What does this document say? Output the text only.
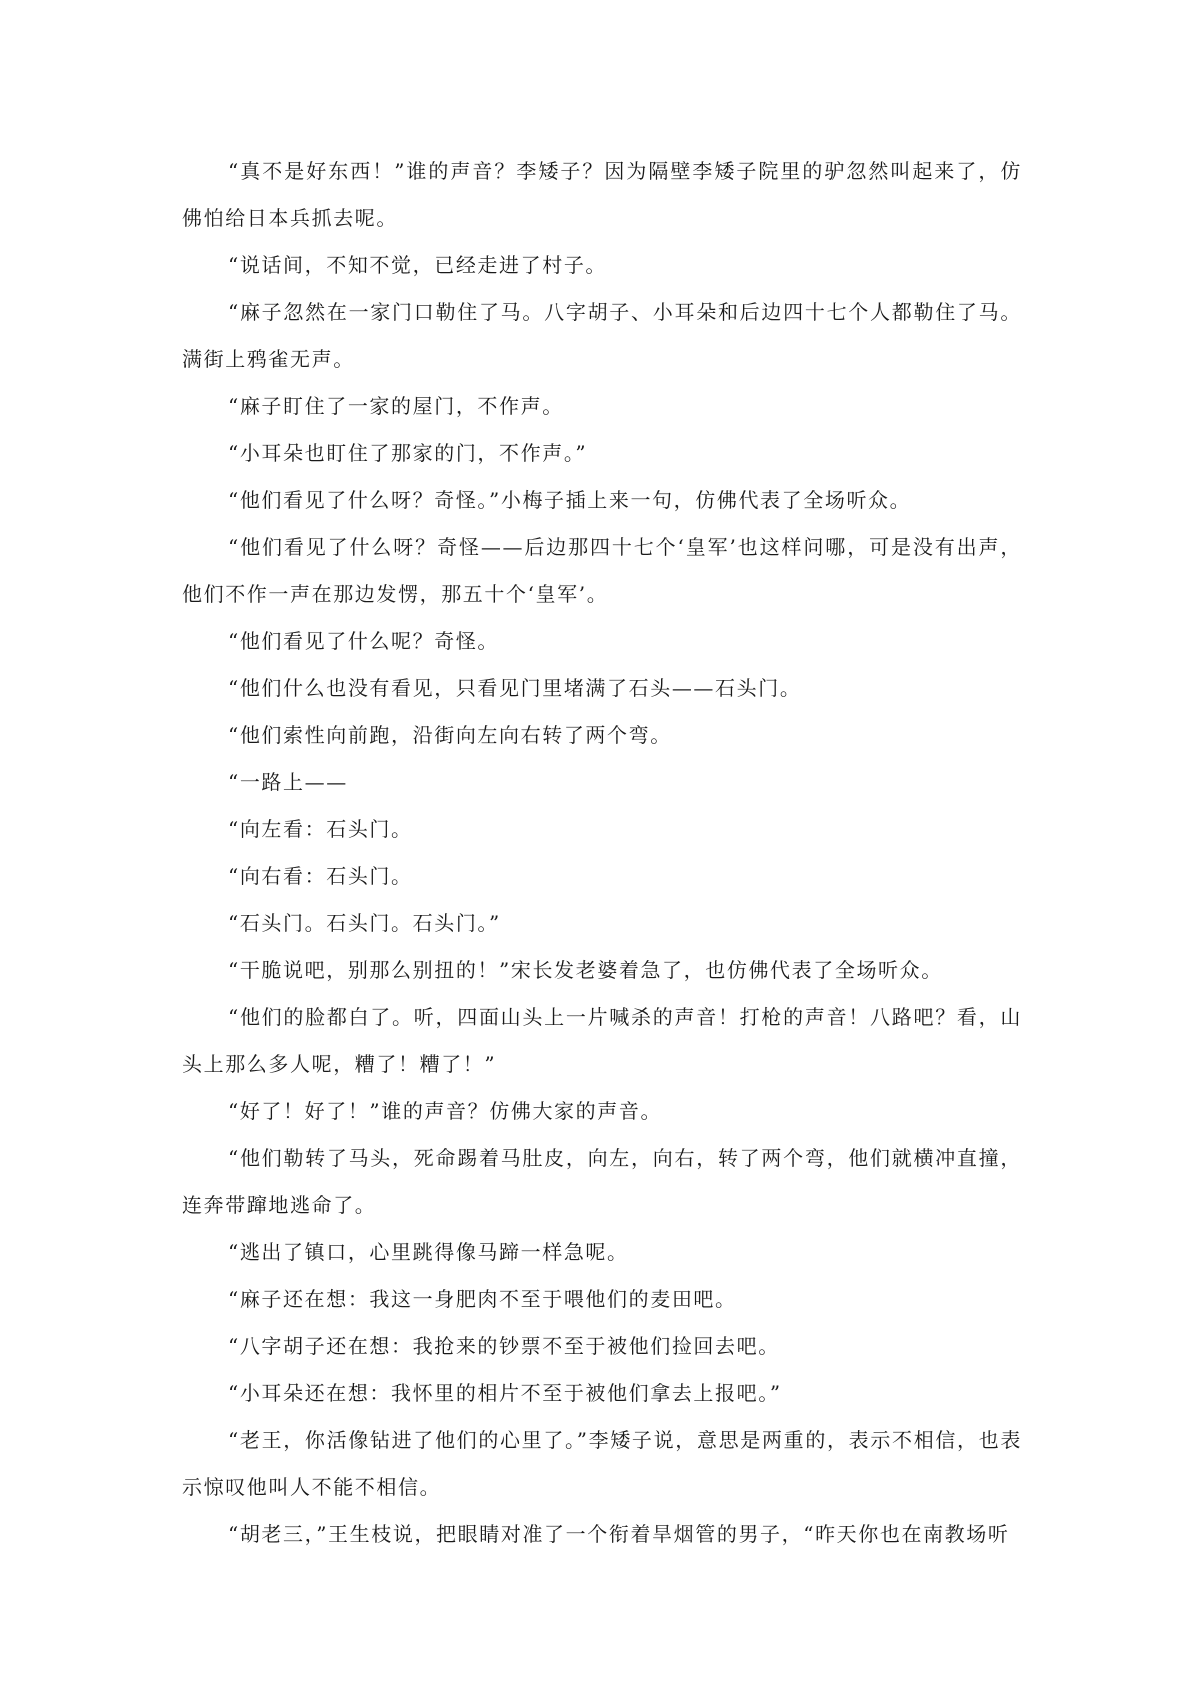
“真不是好东西！”谁的声音？李矮子？因为隔壁李矮子院里的驴忽然叫起来了，仿佛怕给日本兵抓去呢。

“说话间，不知不觉，已经走进了村子。

“麻子忽然在一家门口勒住了马。八字胡子、小耳朵和后边四十七个人都勒住了马。满街上鸦雀无声。

“麻子盯住了一家的屋门，不作声。

“小耳朵也盯住了那家的门，不作声。”

“他们看见了什么呀？奇怪。”小梅子插上来一句，仿佛代表了全场听众。

“他们看见了什么呀？奇怪——后边那四十七个‘皇军’也这样问哪，可是没有出声，他们不作一声在那边发愣，那五十个‘皇军’。

“他们看见了什么呢？奇怪。

“他们什么也没有看见，只看见门里堵满了石头——石头门。

“他们索性向前跑，沿街向左向右转了两个弯。

“一路上——

“向左看：石头门。

“向右看：石头门。

“石头门。石头门。石头门。”

“干脆说吧，别那么别扭的！”宋长发老婆着急了，也仿佛代表了全场听众。

“他们的脸都白了。听，四面山头上一片喊杀的声音！打枪的声音！八路吧？看，山头上那么多人呢，糟了！糟了！”

“好了！好了！”谁的声音？仿佛大家的声音。

“他们勒转了马头，死命踢着马肚皮，向左，向右，转了两个弯，他们就横冲直撞，连奔带蹿地逃命了。

“逃出了镇口，心里跳得像马蹄一样急呢。

“麻子还在想：我这一身肥肉不至于喂他们的麦田吧。

“八字胡子还在想：我抢来的钞票不至于被他们捡回去吧。

“小耳朵还在想：我怀里的相片不至于被他们拿去上报吧。”

“老王，你活像钻进了他们的心里了。”李矮子说，意思是两重的，表示不相信，也表示惊叹他叫人不能不相信。

“胡老三，”王生枝说，把眼睛对准了一个衔着旱烟管的男子，“昨天你也在南教场听
